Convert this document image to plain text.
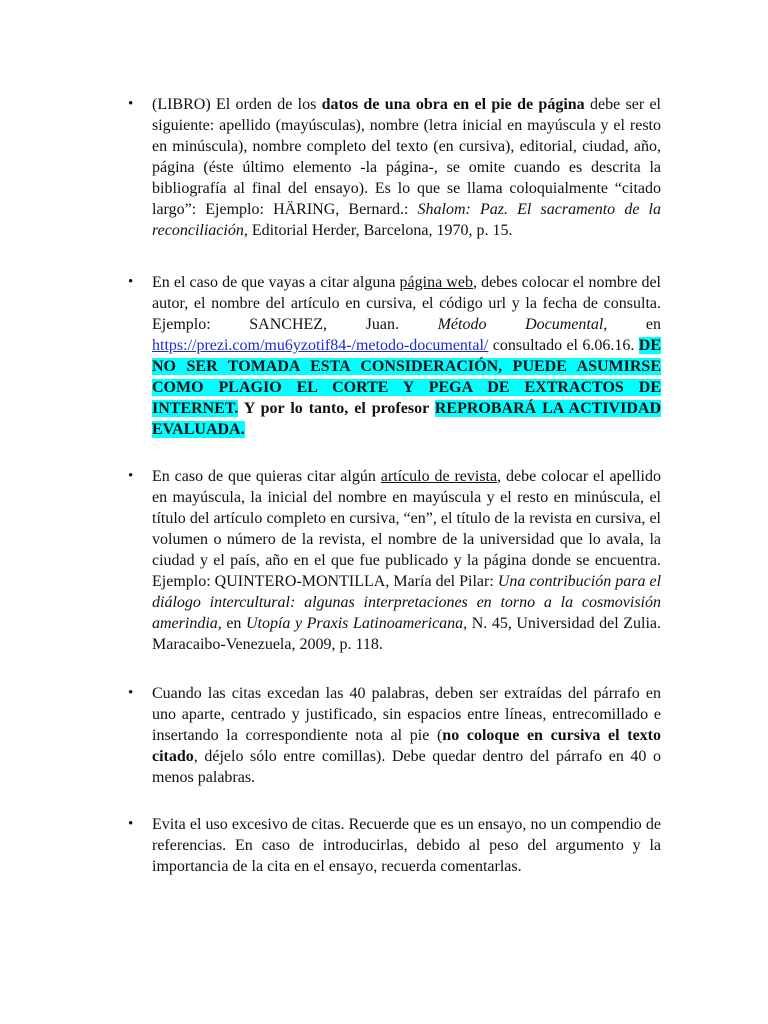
• (LIBRO) El orden de los datos de una obra en el pie de página debe ser el siguiente: apellido (mayúsculas), nombre (letra inicial en mayúscula y el resto en minúscula), nombre completo del texto (en cursiva), editorial, ciudad, año, página (éste último elemento -la página-, se omite cuando es descrita la bibliografía al final del ensayo). Es lo que se llama coloquialmente “citado largo”: Ejemplo: HÄRING, Bernard.: Shalom: Paz. El sacramento de la reconciliación, Editorial Herder, Barcelona, 1970, p. 15.
• En el caso de que vayas a citar alguna página web, debes colocar el nombre del autor, el nombre del artículo en cursiva, el código url y la fecha de consulta. Ejemplo: SANCHEZ, Juan. Método Documental, en https://prezi.com/mu6yzotif84-/metodo-documental/ consultado el 6.06.16. DE NO SER TOMADA ESTA CONSIDERACIÓN, PUEDE ASUMIRSE COMO PLAGIO EL CORTE Y PEGA DE EXTRACTOS DE INTERNET. Y por lo tanto, el profesor REPROBARÁ LA ACTIVIDAD EVALUADA.
• En caso de que quieras citar algún artículo de revista, debe colocar el apellido en mayúscula, la inicial del nombre en mayúscula y el resto en minúscula, el título del artículo completo en cursiva, “en”, el título de la revista en cursiva, el volumen o número de la revista, el nombre de la universidad que lo avala, la ciudad y el país, año en el que fue publicado y la página donde se encuentra. Ejemplo: QUINTERO-MONTILLA, María del Pilar: Una contribución para el diálogo intercultural: algunas interpretaciones en torno a la cosmovisión amerindia, en Utopía y Praxis Latinoamericana, N. 45, Universidad del Zulia. Maracaibo-Venezuela, 2009, p. 118.
• Cuando las citas excedan las 40 palabras, deben ser extraídas del párrafo en uno aparte, centrado y justificado, sin espacios entre líneas, entrecomillado e insertando la correspondiente nota al pie (no coloque en cursiva el texto citado, déjelo sólo entre comillas). Debe quedar dentro del párrafo en 40 o menos palabras.
• Evita el uso excesivo de citas. Recuerde que es un ensayo, no un compendio de referencias. En caso de introducirlas, debido al peso del argumento y la importancia de la cita en el ensayo, recuerda comentarlas.
